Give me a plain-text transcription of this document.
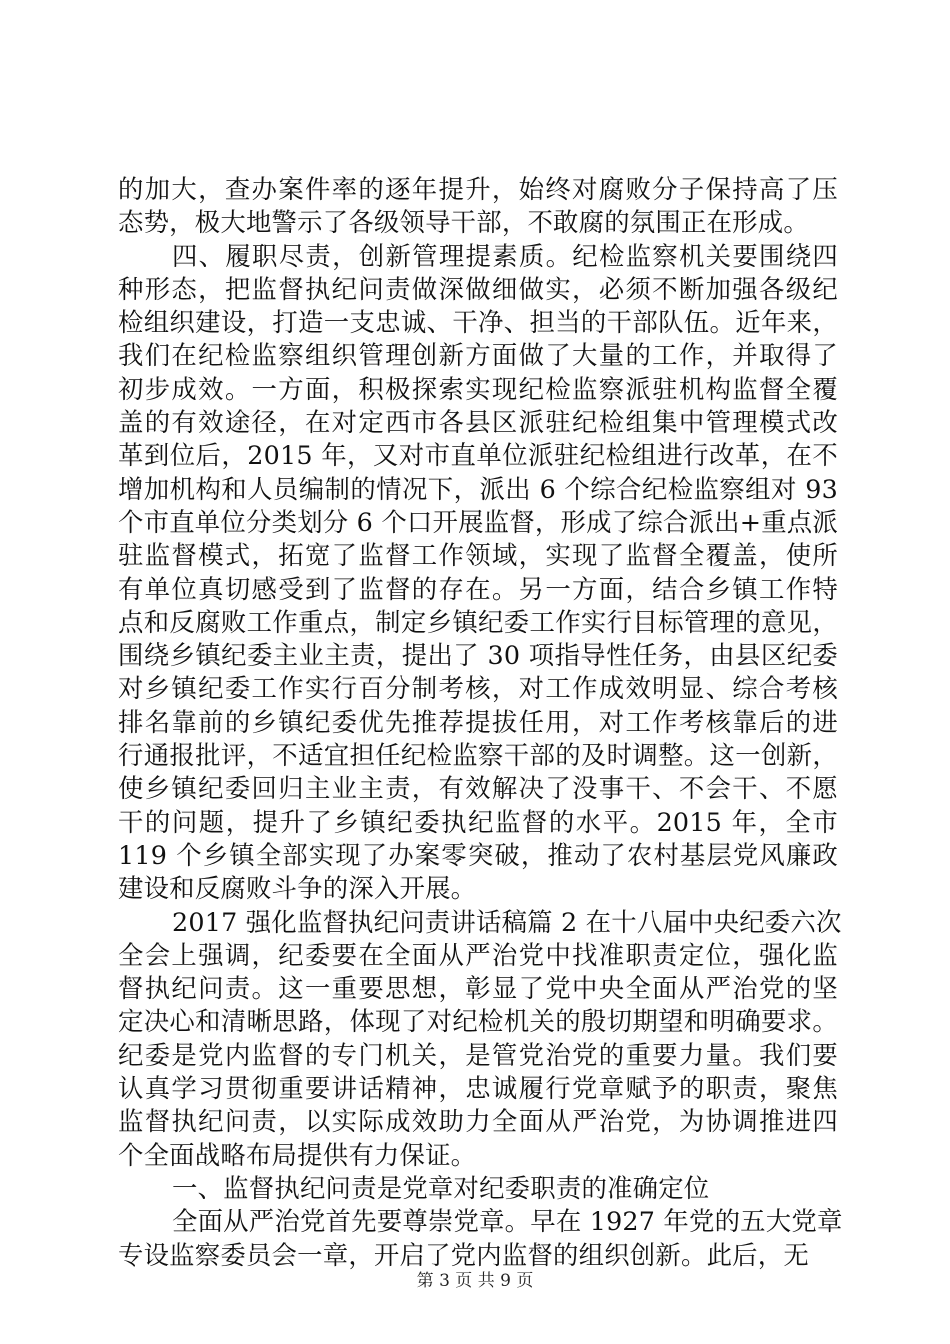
的加大，查办案件率的逐年提升，始终对腐败分子保持高了压
态势，极大地警示了各级领导干部，不敢腐的氛围正在形成。
四、履职尽责，创新管理提素质。纪检监察机关要围绕四
种形态，把监督执纪问责做深做细做实，必须不断加强各级纪
检组织建设，打造一支忠诚、干净、担当的干部队伍。近年来，
我们在纪检监察组织管理创新方面做了大量的工作，并取得了
初步成效。一方面，积极探索实现纪检监察派驻机构监督全覆
盖的有效途径，在对定西市各县区派驻纪检组集中管理模式改
革到位后，2015 年，又对市直单位派驻纪检组进行改革，在不
增加机构和人员编制的情况下，派出 6 个综合纪检监察组对 93
个市直单位分类划分 6 个口开展监督，形成了综合派出+重点派
驻监督模式，拓宽了监督工作领域，实现了监督全覆盖，使所
有单位真切感受到了监督的存在。另一方面，结合乡镇工作特
点和反腐败工作重点，制定乡镇纪委工作实行目标管理的意见，
围绕乡镇纪委主业主责，提出了 30 项指导性任务，由县区纪委
对乡镇纪委工作实行百分制考核，对工作成效明显、综合考核
排名靠前的乡镇纪委优先推荐提拔任用，对工作考核靠后的进
行通报批评，不适宜担任纪检监察干部的及时调整。这一创新，
使乡镇纪委回归主业主责，有效解决了没事干、不会干、不愿
干的问题，提升了乡镇纪委执纪监督的水平。2015 年，全市
119 个乡镇全部实现了办案零突破，推动了农村基层党风廉政
建设和反腐败斗争的深入开展。
2017 强化监督执纪问责讲话稿篇 2 在十八届中央纪委六次
全会上强调，纪委要在全面从严治党中找准职责定位，强化监
督执纪问责。这一重要思想，彰显了党中央全面从严治党的坚
定决心和清晰思路，体现了对纪检机关的殷切期望和明确要求。
纪委是党内监督的专门机关，是管党治党的重要力量。我们要
认真学习贯彻重要讲话精神，忠诚履行党章赋予的职责，聚焦
监督执纪问责，以实际成效助力全面从严治党，为协调推进四
个全面战略布局提供有力保证。
一、监督执纪问责是党章对纪委职责的准确定位
全面从严治党首先要尊崇党章。早在 1927 年党的五大党章
专设监察委员会一章，开启了党内监督的组织创新。此后，无
第 3 页 共 9 页
